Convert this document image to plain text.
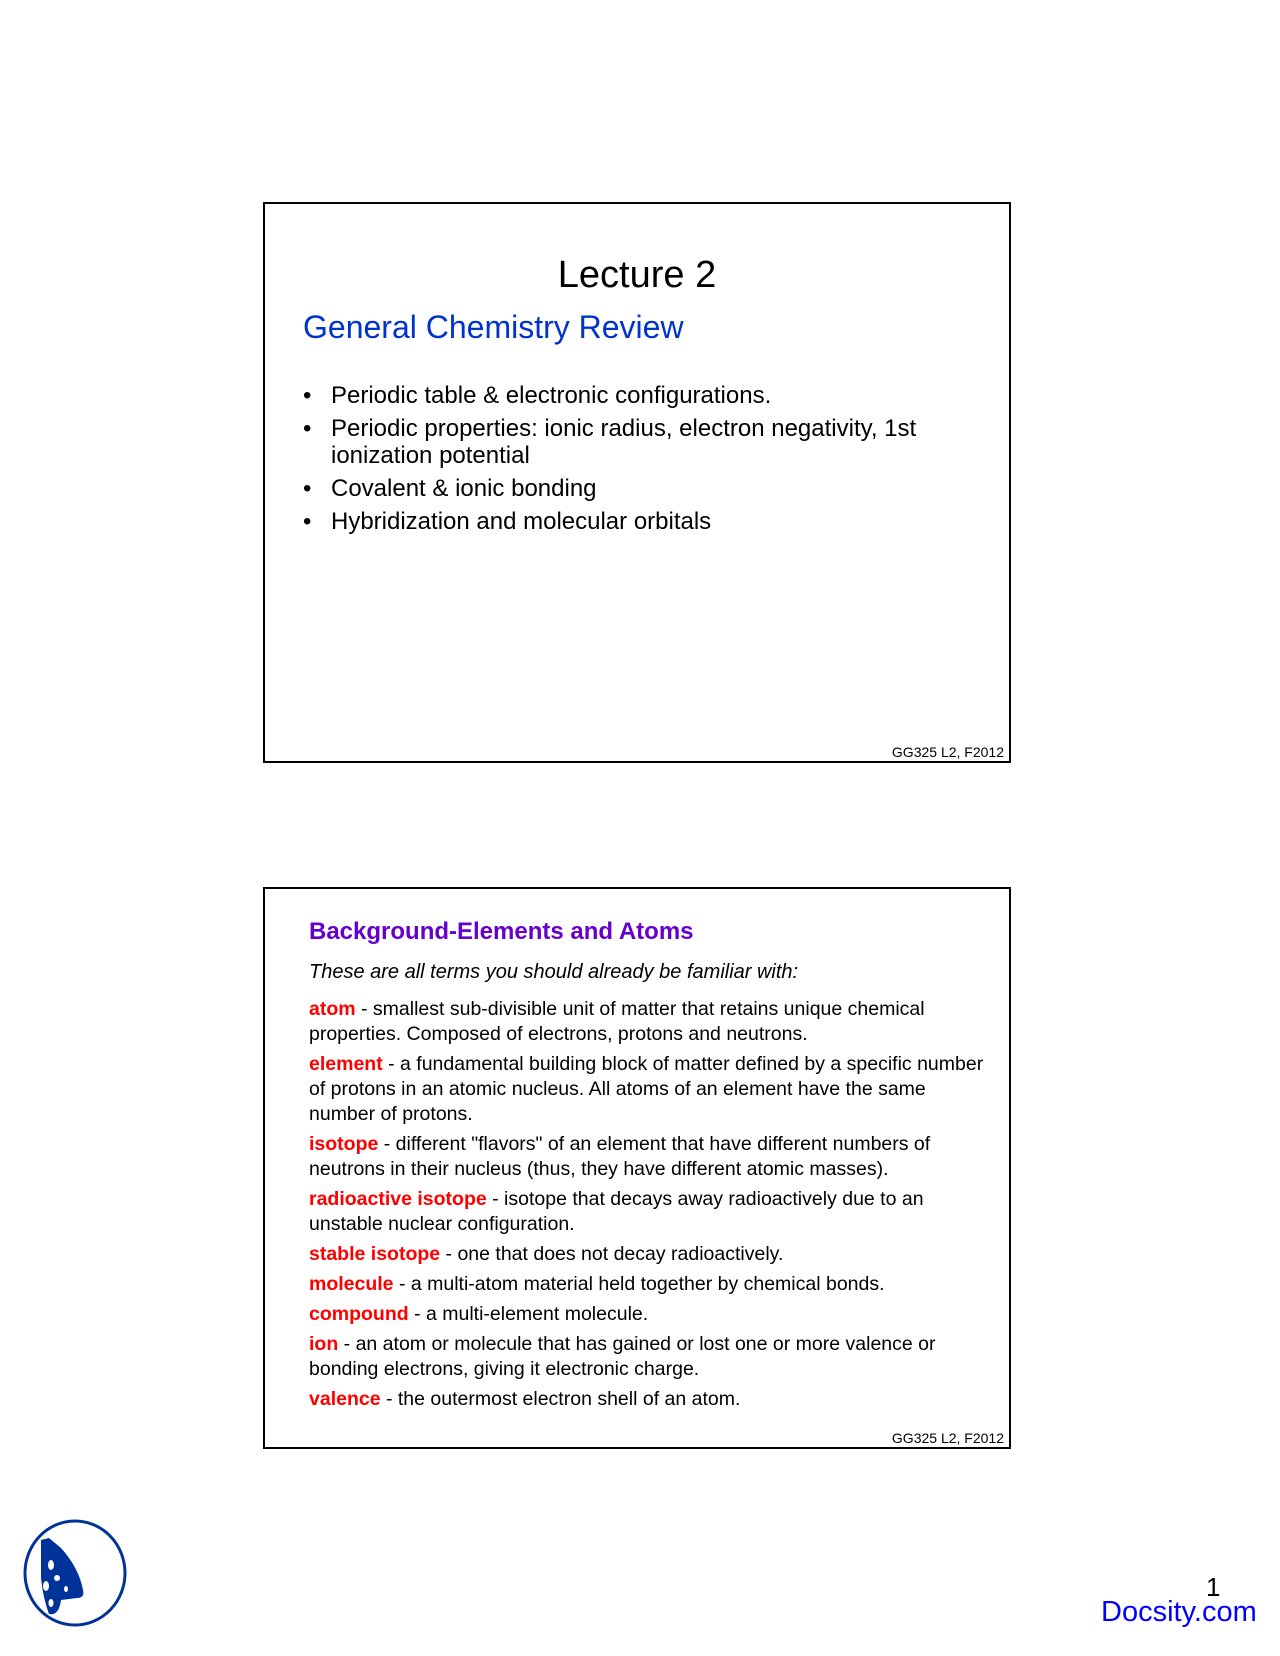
Lecture 2
General Chemistry Review
• Periodic table & electronic configurations.
• Periodic properties: ionic radius, electron negativity, 1st ionization potential
• Covalent & ionic bonding
• Hybridization and molecular orbitals
GG325 L2, F2012
Background-Elements and Atoms
These are all terms you should already be familiar with:
atom - smallest sub-divisible unit of matter that retains unique chemical properties. Composed of electrons, protons and neutrons.
element - a fundamental building block of matter defined by a specific number of protons in an atomic nucleus. All atoms of an element have the same number of protons.
isotope - different "flavors" of an element that have different numbers of neutrons in their nucleus (thus, they have different atomic masses).
radioactive isotope - isotope that decays away radioactively due to an unstable nuclear configuration.
stable isotope - one that does not decay radioactively.
molecule - a multi-atom material held together by chemical bonds.
compound - a multi-element molecule.
ion - an atom or molecule that has gained or lost one or more valence or bonding electrons, giving it electronic charge.
valence - the outermost electron shell of an atom.
GG325 L2, F2012
1
Docsity.com
